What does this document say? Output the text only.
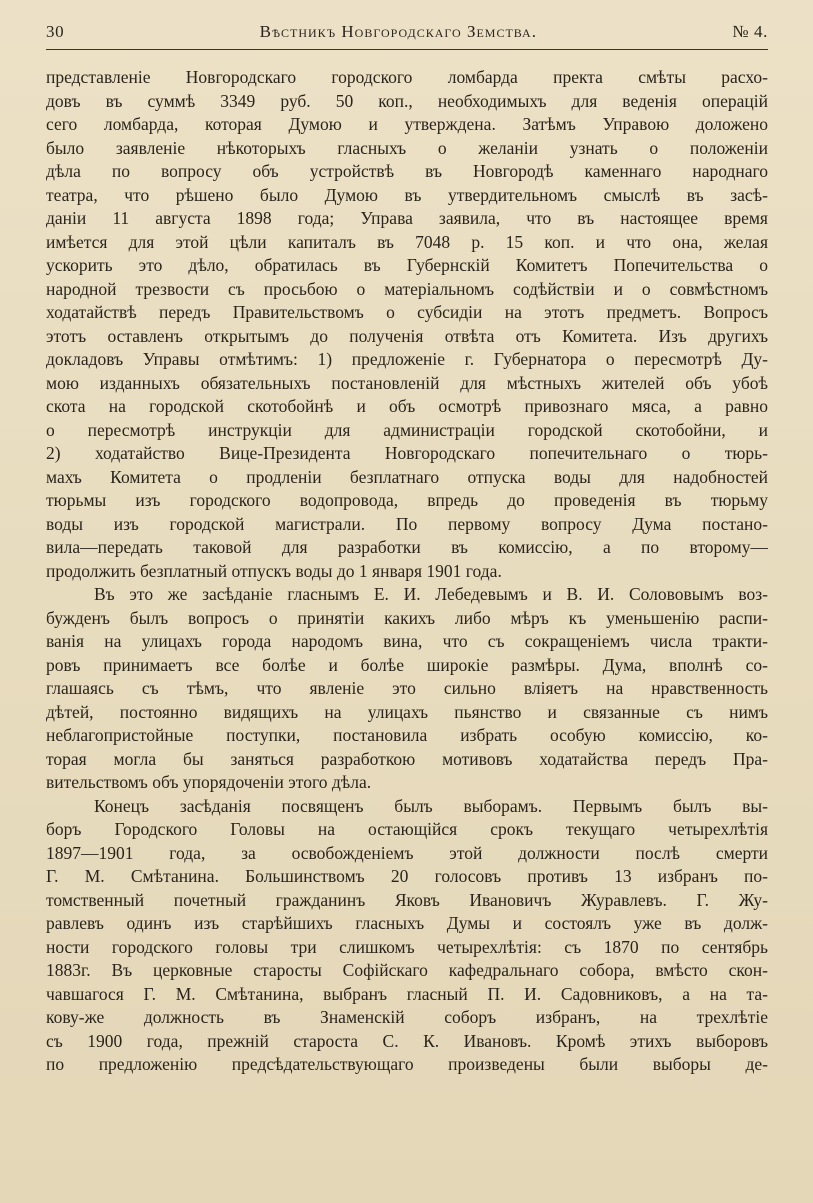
30	Вѣстникъ Новгородскаго Земства.	№ 4.
представленіе Новгородскаго городского ломбарда пректа смѣты расхо-
довъ въ суммѣ 3349 руб. 50 коп., необходимыхъ для веденія операцій
сего ломбарда, которая Думою и утверждена. Затѣмъ Управою доложено
было заявленіе нѣкоторыхъ гласныхъ о желаніи узнать о положеніи
дѣла по вопросу объ устройствѣ въ Новгородѣ каменнаго народнаго
театра, что рѣшено было Думою въ утвердительномъ смыслѣ въ засѣ-
даніи 11 августа 1898 года; Управа заявила, что въ настоящее время
имѣется для этой цѣли капиталъ въ 7048 р. 15 коп. и что она, желая
ускорить это дѣло, обратилась въ Губернскій Комитетъ Попечительства о
народной трезвости съ просьбою о матеріальномъ содѣйствіи и о совмѣстномъ
ходатайствѣ передъ Правительствомъ о субсидіи на этотъ предметъ. Вопросъ
этотъ оставленъ открытымъ до полученія отвѣта отъ Комитета. Изъ другихъ
докладовъ Управы отмѣтимъ: 1) предложеніе г. Губернатора о пересмотрѣ Ду-
мою изданныхъ обязательныхъ постановленій для мѣстныхъ жителей объ убоѣ
скота на городской скотобойнѣ и объ осмотрѣ привознаго мяса, а равно
о пересмотрѣ инструкціи для администраціи городской скотобойни, и
2) ходатайство Вице-Президента Новгородскаго попечительнаго о тюрь-
махъ Комитета о продленіи безплатнаго отпуска воды для надобностей
тюрьмы изъ городского водопровода, впредь до проведенія въ тюрьму
воды изъ городской магистрали. По первому вопросу Дума постано-
вила—передать таковой для разработки въ комиссію, а по второму—
продолжить безплатный отпускъ воды до 1 января 1901 года.
Въ это же засѣданіе гласнымъ Е. И. Лебедевымъ и В. И. Солововымъ воз-
бужденъ былъ вопросъ о принятіи какихъ либо мѣръ къ уменьшенію распи-
ванія на улицахъ города народомъ вина, что съ сокращеніемъ числа тракти-
ровъ принимаетъ все болѣе и болѣе широкіе размѣры. Дума, вполнѣ со-
глашаясь съ тѣмъ, что явленіе это сильно вліяетъ на нравственность
дѣтей, постоянно видящихъ на улицахъ пьянство и связанные съ нимъ
неблагопристойные поступки, постановила избрать особую комиссію, ко-
торая могла бы заняться разработкою мотивовъ ходатайства передъ Пра-
вительствомъ объ упорядоченіи этого дѣла.
Конецъ засѣданія посвященъ былъ выборамъ. Первымъ былъ вы-
боръ Городского Головы на остающійся срокъ текущаго четырехлѣтія
1897—1901 года, за освобожденіемъ этой должности послѣ смерти
Г. М. Смѣтанина. Большинствомъ 20 голосовъ противъ 13 избранъ по-
томственный почетный гражданинъ Яковъ Ивановичъ Журавлевъ. Г. Жу-
равлевъ одинъ изъ старѣйшихъ гласныхъ Думы и состоялъ уже въ долж-
ности городского головы три слишкомъ четырехлѣтія: съ 1870 по сентябрь
1883г. Въ церковные старосты Софійскаго кафедральнаго собора, вмѣсто скон-
чавшагося Г. М. Смѣтанина, выбранъ гласный П. И. Садовниковъ, а на та-
кову-же должность въ Знаменскій соборъ избранъ, на трехлѣтіе
съ 1900 года, прежній староста С. К. Ивановъ. Кромѣ этихъ выборовъ
по предложенію предсѣдательствующаго произведены были выборы де-
